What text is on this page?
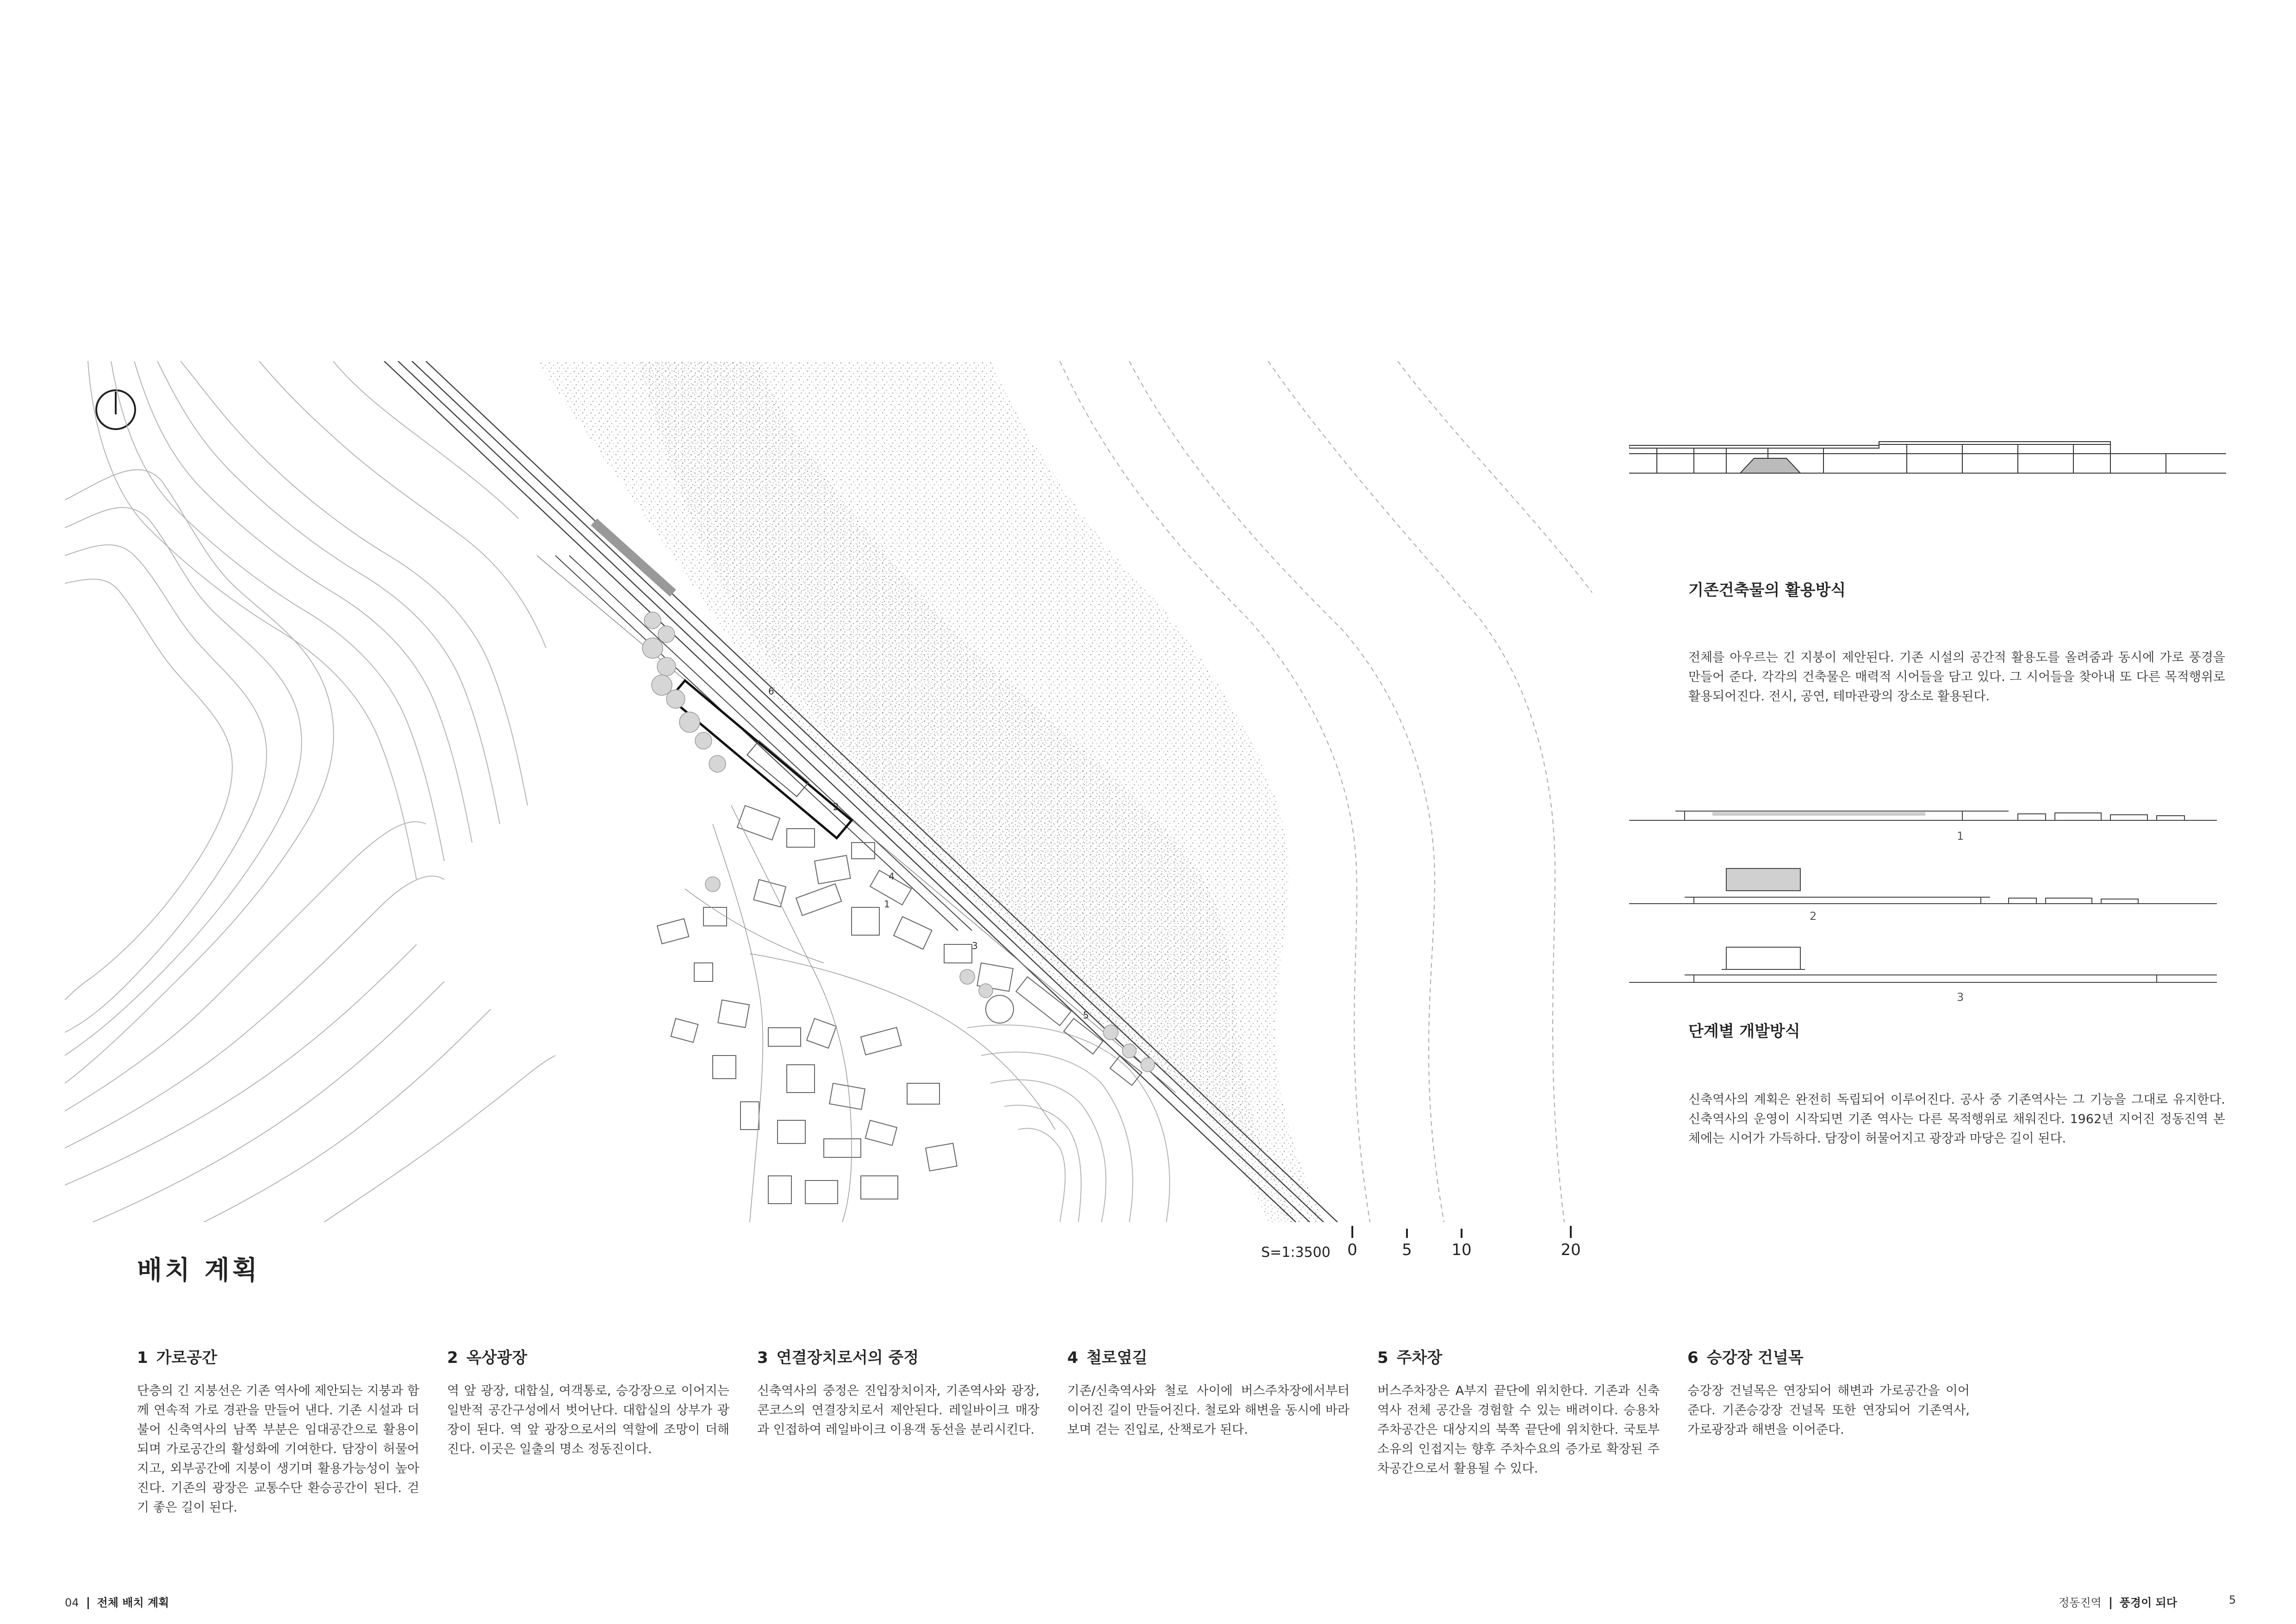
1
2
3
4
5
6
S=1:3500	0	5	10	20
기존건축물의 활용방식
전체를 아우르는 긴 지붕이 제안된다. 기존 시설의 공간적 활용도를 올려줌과 동시에 가로 풍경을 만들어 준다. 각각의 건축물은 매력적 시어들을 담고 있다. 그 시어들을 찾아내 또 다른 목적행위로 활용되어진다. 전시, 공연, 테마관광의 장소로 활용된다.
1
2
3
단계별 개발방식
신축역사의 계획은 완전히 독립되어 이루어진다. 공사 중 기존역사는 그 기능을 그대로 유지한다. 신축역사의 운영이 시작되면 기존 역사는 다른 목적행위로 채워진다. 1962년 지어진 정동진역 본체에는 시어가 가득하다. 담장이 허물어지고 광장과 마당은 길이 된다.
배치 계획
1 가로공간
단층의 긴 지붕선은 기존 역사에 제안되는 지붕과 함께 연속적 가로 경관을 만들어 낸다. 기존 시설과 더불어 신축역사의 남쪽 부분은 임대공간으로 활용이 되며 가로공간의 활성화에 기여한다. 담장이 허물어지고, 외부공간에 지붕이 생기며 활용가능성이 높아진다. 기존의 광장은 교통수단 환승공간이 된다. 걷기 좋은 길이 된다.
2 옥상광장
역 앞 광장, 대합실, 여객통로, 승강장으로 이어지는 일반적 공간구성에서 벗어난다. 대합실의 상부가 광장이 된다. 역 앞 광장으로서의 역할에 조망이 더해진다. 이곳은 일출의 명소 정동진이다.
3 연결장치로서의 중정
신축역사의 중정은 진입장치이자, 기존역사와 광장, 콘코스의 연결장치로서 제안된다. 레일바이크 매장과 인접하여 레일바이크 이용객 동선을 분리시킨다.
4 철로옆길
기존/신축역사와 철로 사이에 버스주차장에서부터 이어진 길이 만들어진다. 철로와 해변을 동시에 바라보며 걷는 진입로, 산책로가 된다.
5 주차장
버스주차장은 A부지 끝단에 위치한다. 기존과 신축역사 전체 공간을 경험할 수 있는 배려이다. 승용차 주차공간은 대상지의 북쪽 끝단에 위치한다. 국토부 소유의 인접지는 향후 주차수요의 증가로 확장된 주차공간으로서 활용될 수 있다.
6 승강장 건널목
승강장 건널목은 연장되어 해변과 가로공간을 이어준다. 기존승강장 건널목 또한 연장되어 기존역사, 가로광장과 해변을 이어준다.
04 전체 배치 계획	정동진역 풍경이 되다	5
